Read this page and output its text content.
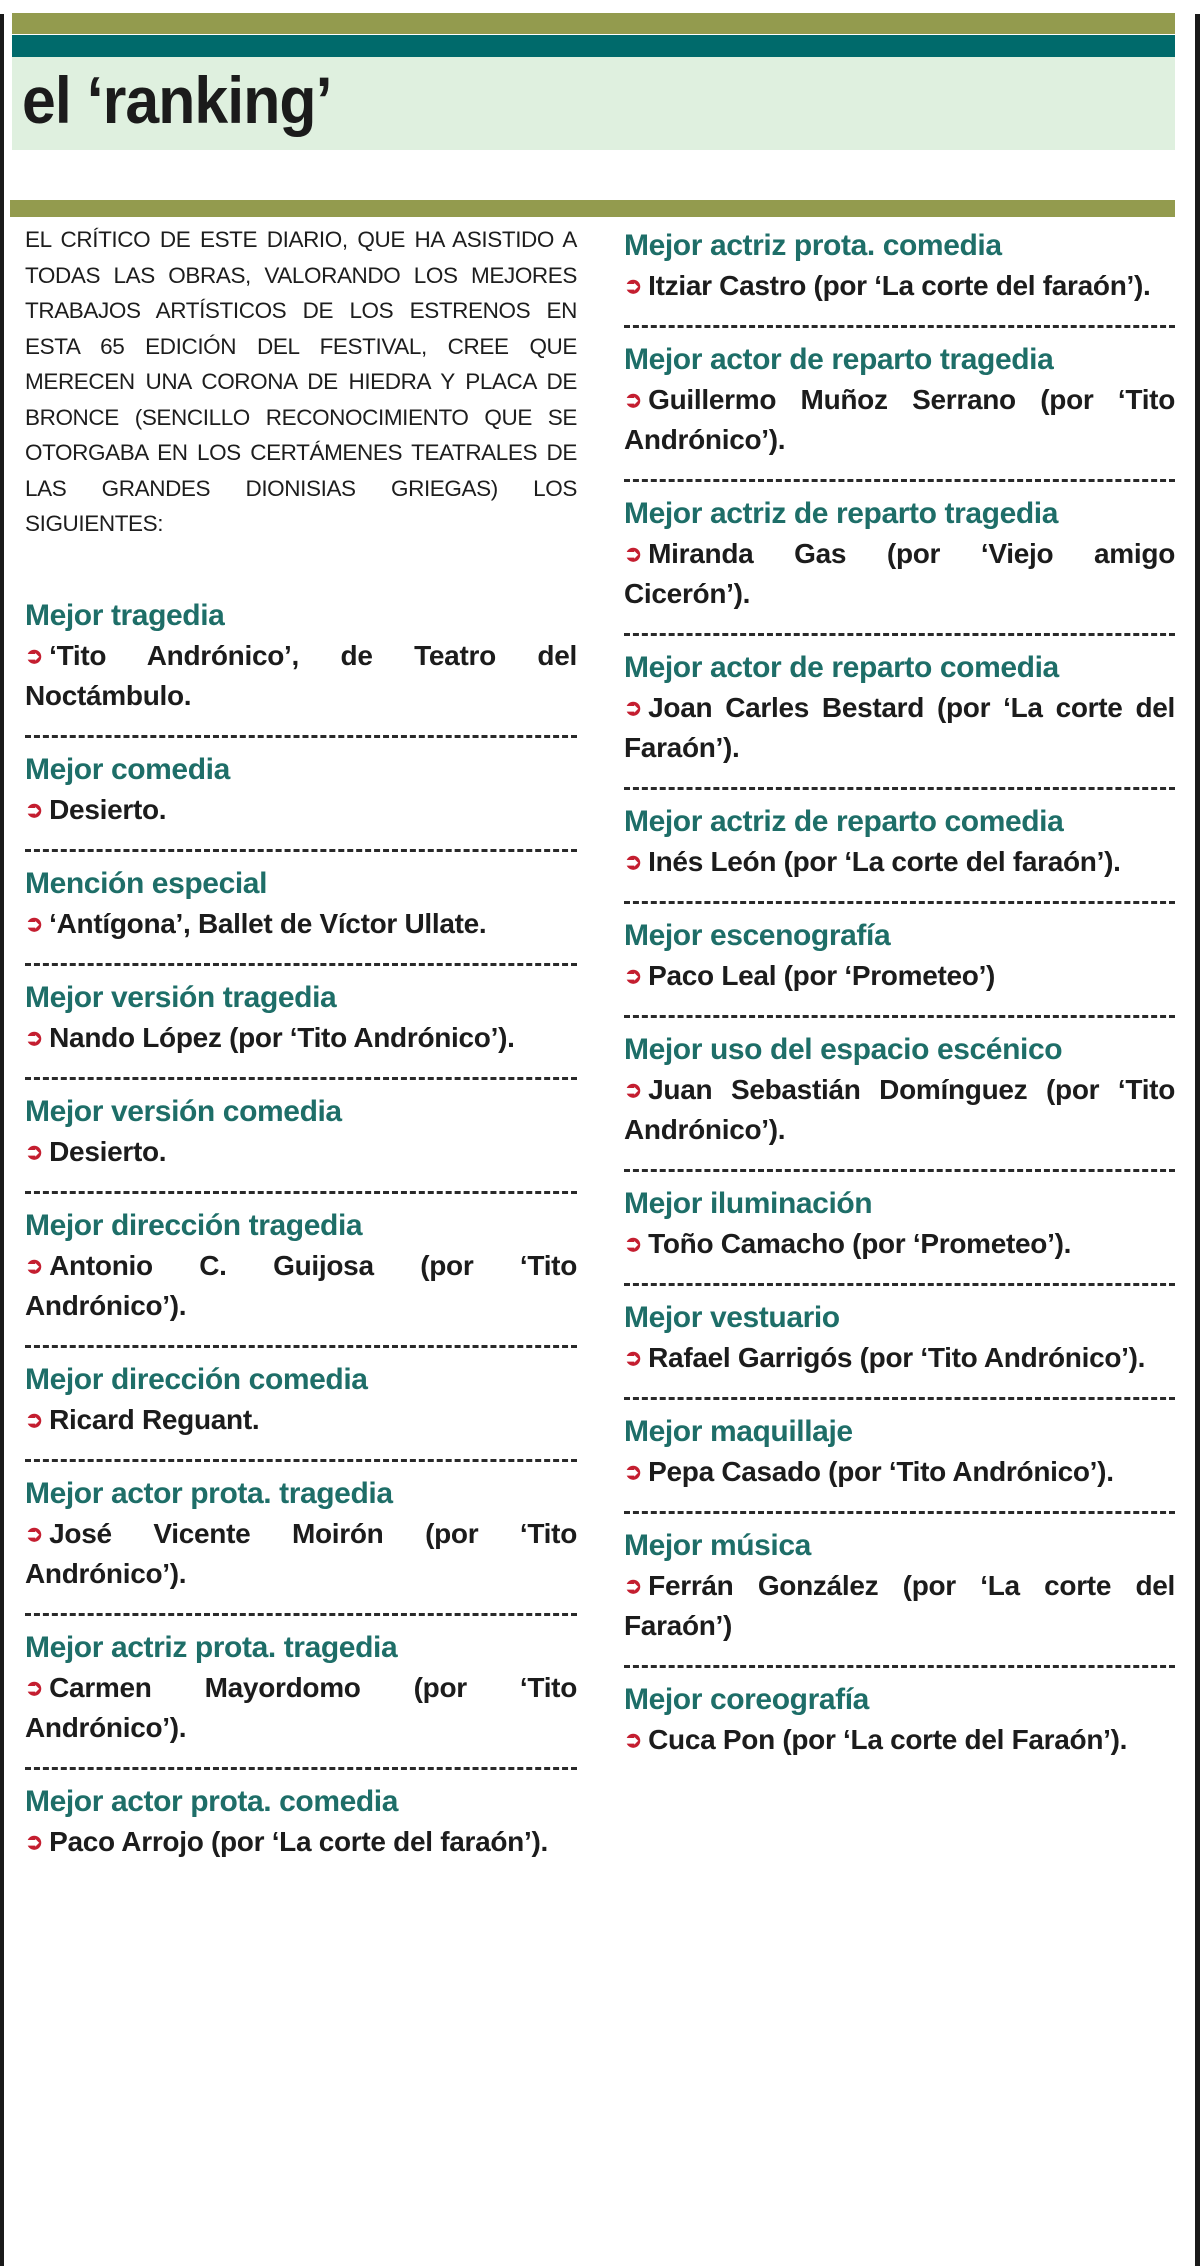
el ‘ranking’

EL CRÍTICO DE ESTE DIARIO, QUE HA ASISTIDO A TODAS LAS OBRAS, VALORANDO LOS MEJORES TRABAJOS ARTÍSTICOS DE LOS ESTRENOS EN ESTA 65 EDICIÓN DEL FESTIVAL, CREE QUE MERECEN UNA CORONA DE HIEDRA Y PLACA DE BRONCE (SENCILLO RECONOCIMIENTO QUE SE OTORGABA EN LOS CERTÁMENES TEATRALES DE LAS GRANDES DIONISIAS GRIEGAS) LOS SIGUIENTES:

Mejor tragedia

➲ ‘Tito Andrónico’, de Teatro del Noctámbulo.

Mejor comedia

➲ Desierto.

Mención especial

➲ ‘Antígona’, Ballet de Víctor Ullate.

Mejor versión tragedia

➲ Nando López (por ‘Tito Andrónico’).

Mejor versión comedia

➲ Desierto.

Mejor dirección tragedia

➲ Antonio C. Guijosa (por ‘Tito Andrónico’).

Mejor dirección comedia

➲ Ricard Reguant.

Mejor actor prota. tragedia

➲ José Vicente Moirón (por ‘Tito Andrónico’).

Mejor actriz prota. tragedia

➲ Carmen Mayordomo (por ‘Tito Andrónico’).

Mejor actor prota. comedia

➲ Paco Arrojo (por ‘La corte del faraón’).

Mejor actriz prota. comedia

➲ Itziar Castro (por ‘La corte del faraón’).

Mejor actor de reparto tragedia

➲ Guillermo Muñoz Serrano (por ‘Tito Andrónico’).

Mejor actriz de reparto tragedia

➲ Miranda Gas (por ‘Viejo amigo Cicerón’).

Mejor actor de reparto comedia

➲ Joan Carles Bestard (por ‘La corte del Faraón’).

Mejor actriz de reparto comedia

➲ Inés León (por ‘La corte del faraón’).

Mejor escenografía

➲ Paco Leal (por ‘Prometeo’)

Mejor uso del espacio escénico

➲ Juan Sebastián Domínguez (por ‘Tito Andrónico’).

Mejor iluminación

➲ Toño Camacho (por ‘Prometeo’).

Mejor vestuario

➲ Rafael Garrigós (por ‘Tito Andrónico’).

Mejor maquillaje

➲ Pepa Casado (por ‘Tito Andrónico’).

Mejor música

➲ Ferrán González (por ‘La corte del Faraón’)

Mejor coreografía

➲ Cuca Pon (por ‘La corte del Faraón’).
